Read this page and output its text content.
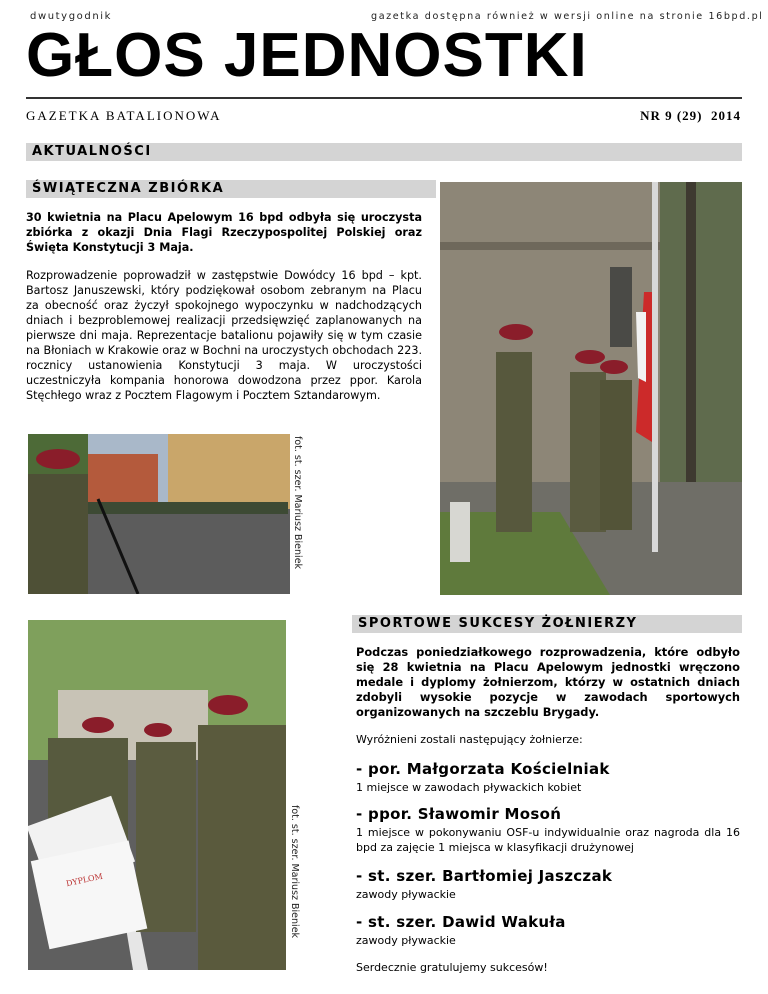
dwutygodnik	gazetka dostępna również w wersji online na stronie 16bpd.pl
GŁOS JEDNOSTKI
GAZETKA BATALIONOWA	NR 9 (29)  2014
AKTUALNOŚCI
ŚWIĄTECZNA ZBIÓRKA
30 kwietnia na Placu Apelowym 16 bpd odbyła się uroczysta zbiórka z okazji Dnia Flagi Rzeczypospolitej Polskiej oraz Święta Konstytucji 3 Maja.
Rozprowadzenie poprowadził w zastępstwie Dowódcy 16 bpd – kpt. Bartosz Januszewski, który podziękował osobom zebranym na Placu za obecność oraz życzył spokojnego wypoczynku w nadchodzących dniach i bezproblemowej realizacji przedsięwzięć zaplanowanych na pierwsze dni maja. Reprezentacje batalionu pojawiły się w tym czasie na Błoniach w Krakowie oraz w Bochni na uroczystych obchodach 223. rocznicy ustanowienia Konstytucji 3 maja. W uroczystości uczestniczyła kompania honorowa dowodzona przez ppor. Karola Stęchłego wraz z Pocztem Flagowym i Pocztem Sztandarowym.
fot. st. szer. Mariusz Bieniek
SPORTOWE SUKCESY ŻOŁNIERZY
DYPLOM	fot. st. szer. Mariusz Bieniek
Podczas poniedziałkowego rozprowadzenia, które odbyło się 28 kwietnia na Placu Apelowym jednostki wręczono medale i dyplomy żołnierzom, którzy w ostatnich dniach zdobyli wysokie pozycje w zawodach sportowych organizowanych na szczeblu Brygady.
Wyróżnieni zostali następujący żołnierze:
- por. Małgorzata Kościelniak
1 miejsce w zawodach pływackich kobiet
- ppor. Sławomir Mosoń
1 miejsce w pokonywaniu OSF-u indywidualnie oraz nagroda dla 16 bpd za zajęcie 1 miejsca w klasyfikacji drużynowej
- st. szer. Bartłomiej Jaszczak
zawody pływackie
- st. szer. Dawid Wakuła
zawody pływackie
Serdecznie gratulujemy sukcesów!
